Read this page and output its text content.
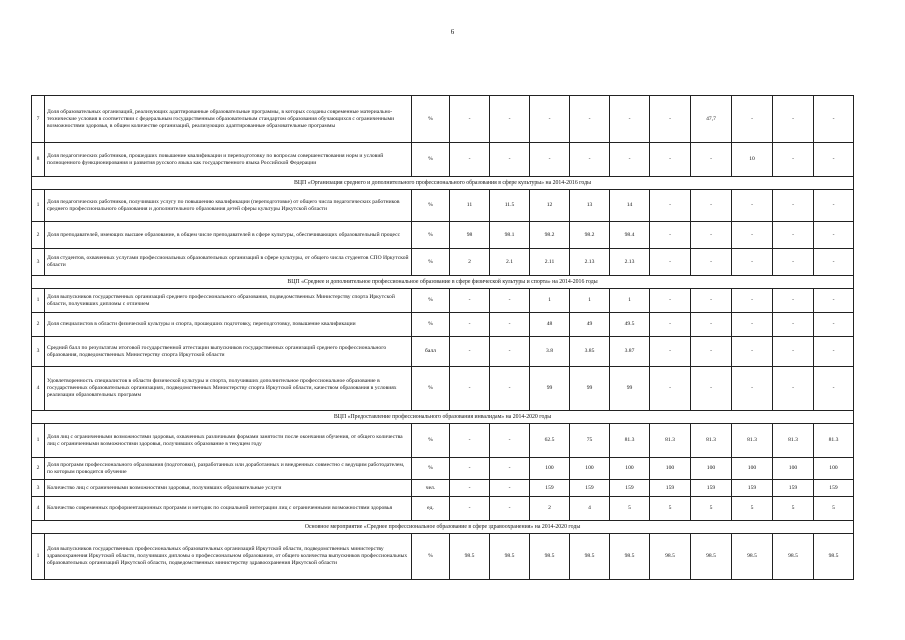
6
7	Доля образовательных организаций, реализующих адаптированные образовательные программы, в которых созданы современные материально-технические условия в соответствии с федеральным государственным образовательным стандартом образования обучающихся с ограниченными возможностями здоровья, в общем количестве организаций, реализующих адаптированные образовательные программы	%	-	-	-	-	-	-	47,7	-	-	-
8	Доля педагогических работников, прошедших повышение квалификации и переподготовку по вопросам совершенствования норм и условий полноценного функционирования и развития русского языка как государственного языка Российской Федерации	%	-	-	-	-	-	-	-	10	-	-
ВЦП «Организация среднего и дополнительного профессионального образования в сфере культуры» на 2014-2016 годы												
1	Доля педагогических работников, получивших услугу по повышению квалификации (переподготовке) от общего числа педагогических работников среднего профессионального образования и дополнительного образования детей сферы культуры Иркутской области	%	11	11.5	12	13	14	-	-	-	-	-
2	Доля преподавателей, имеющих высшее образование, в общем числе преподавателей в сфере культуры, обеспечивающих образовательный процесс	%	98	98.1	98.2	98.2	98.4	-	-	-	-	-
3	Доля студентов, охваченных услугами профессиональных образовательных организаций в сфере культуры, от общего числа студентов СПО Иркутской области	%	2	2.1	2.11	2.13	2.13	-	-	-	-	-
ВЦП «Среднее и дополнительное профессиональное образование в сфере физической культуры и спорта» на 2014-2016 годы												
1	Доля выпускников государственных организаций среднего профессионального образования, подведомственных Министерству спорта Иркутской области, получивших дипломы с отличием	%	-	-	1	1	1	-	-	-	-	-
2	Доля специалистов в области физической культуры и спорта, прошедших подготовку, переподготовку, повышение квалификации	%	-	-	48	49	49.5	-	-	-	-	-
3	Средний балл по результатам итоговой государственной аттестации выпускников государственных организаций среднего профессионального образования, подведомственных Министерству спорта Иркутской области	балл	-	-	3.8	3.85	3.87	-	-	-	-	-
4	Удовлетворенность специалистов в области физической культуры и спорта, получивших дополнительное профессиональное образование в государственных образовательных организациях, подведомственных Министерству спорта Иркутской области, качеством образования в условиях реализации образовательных программ	%	-	-	99	99	99	-	-	-	-	-
ВЦП «Предоставление профессионального образования инвалидам» на 2014-2020 годы												
1	Доля лиц с ограниченными возможностями здоровья, охваченных различными формами занятости после окончания обучения, от общего количества лиц с ограниченными возможностями здоровья, получивших образование в текущем году	%	-	-	62.5	75	81.3	81.3	81.3	81.3	81.3	81.3
2	Доля программ профессионального образования (подготовки), разработанных или доработанных и внедренных совместно с ведущим работодателем, по которым проводится обучение	%	-	-	100	100	100	100	100	100	100	100
3	Количество лиц с ограниченными возможностями здоровья, получивших образовательные услуги	чел.	-	-	159	159	159	159	159	159	159	159
4	Количество современных профориентационных программ и методик по социальной интеграции лиц с ограниченными возможностями здоровья	ед.	-	-	2	4	5	5	5	5	5	5
Основное мероприятие «Среднее профессиональное образование в сфере здравоохранения» на 2014-2020 годы												
1	Доля выпускников государственных профессиональных образовательных организаций Иркутской области, подведомственных министерству здравоохранения Иркутской области, получивших дипломы о профессиональном образовании, от общего количества выпускников профессиональных образовательных организаций Иркутской области, подведомственных министерству здравоохранения Иркутской области	%	98.5	98.5	98.5	98.5	98.5	98.5	98.5	98.5	98.5	98.5
